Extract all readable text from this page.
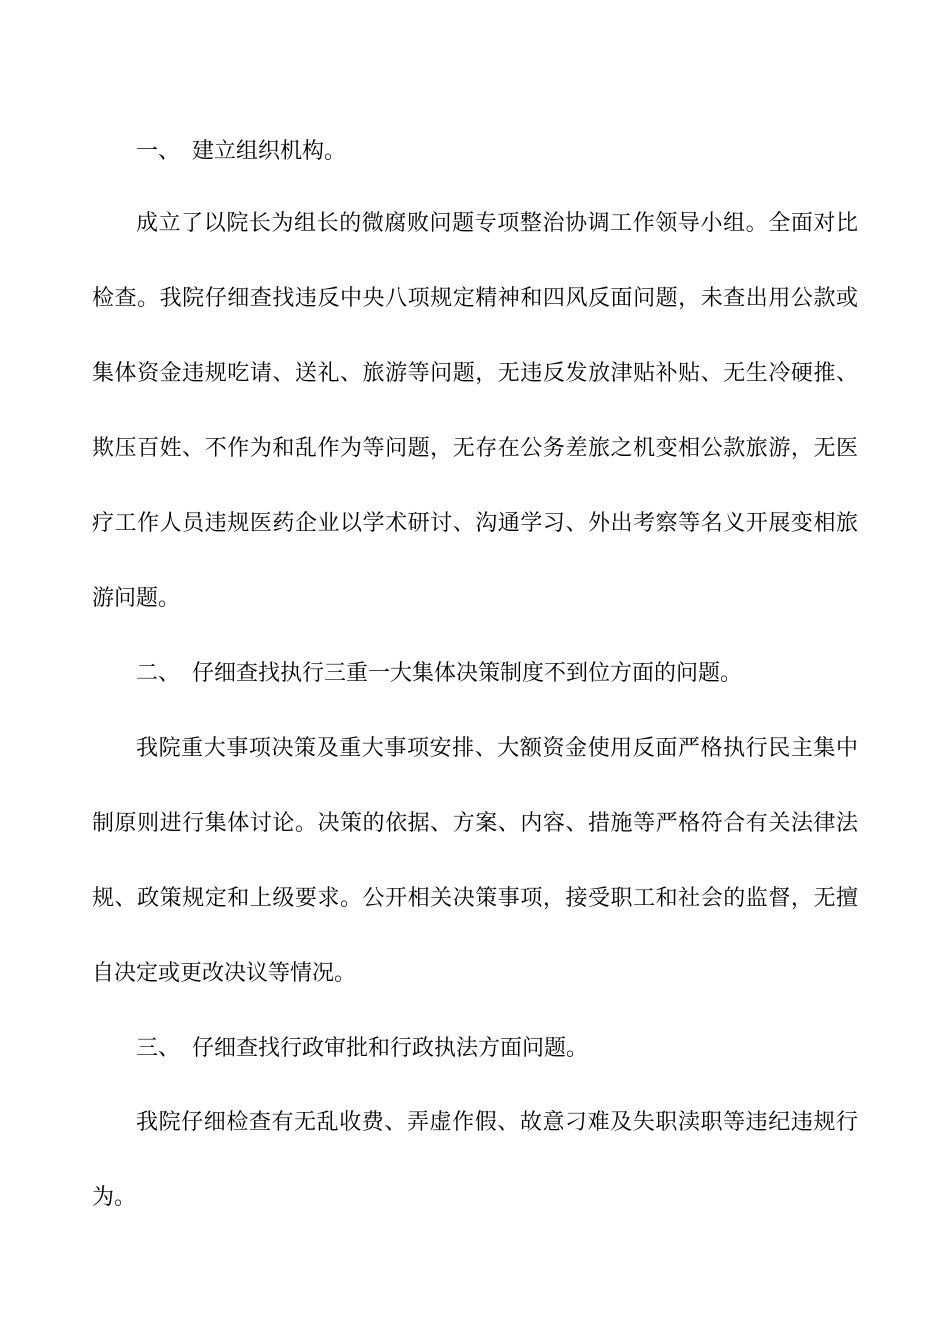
一、 建立组织机构。
成立了以院长为组长的微腐败问题专项整治协调工作领导小组。全面对比
检查。我院仔细查找违反中央八项规定精神和四风反面问题，未查出用公款或
集体资金违规吃请、送礼、旅游等问题，无违反发放津贴补贴、无生冷硬推、
欺压百姓、不作为和乱作为等问题，无存在公务差旅之机变相公款旅游，无医
疗工作人员违规医药企业以学术研讨、沟通学习、外出考察等名义开展变相旅
游问题。
二、 仔细查找执行三重一大集体决策制度不到位方面的问题。
我院重大事项决策及重大事项安排、大额资金使用反面严格执行民主集中
制原则进行集体讨论。决策的依据、方案、内容、措施等严格符合有关法律法
规、政策规定和上级要求。公开相关决策事项，接受职工和社会的监督，无擅
自决定或更改决议等情况。
三、 仔细查找行政审批和行政执法方面问题。
我院仔细检查有无乱收费、弄虚作假、故意刁难及失职渎职等违纪违规行
为。
